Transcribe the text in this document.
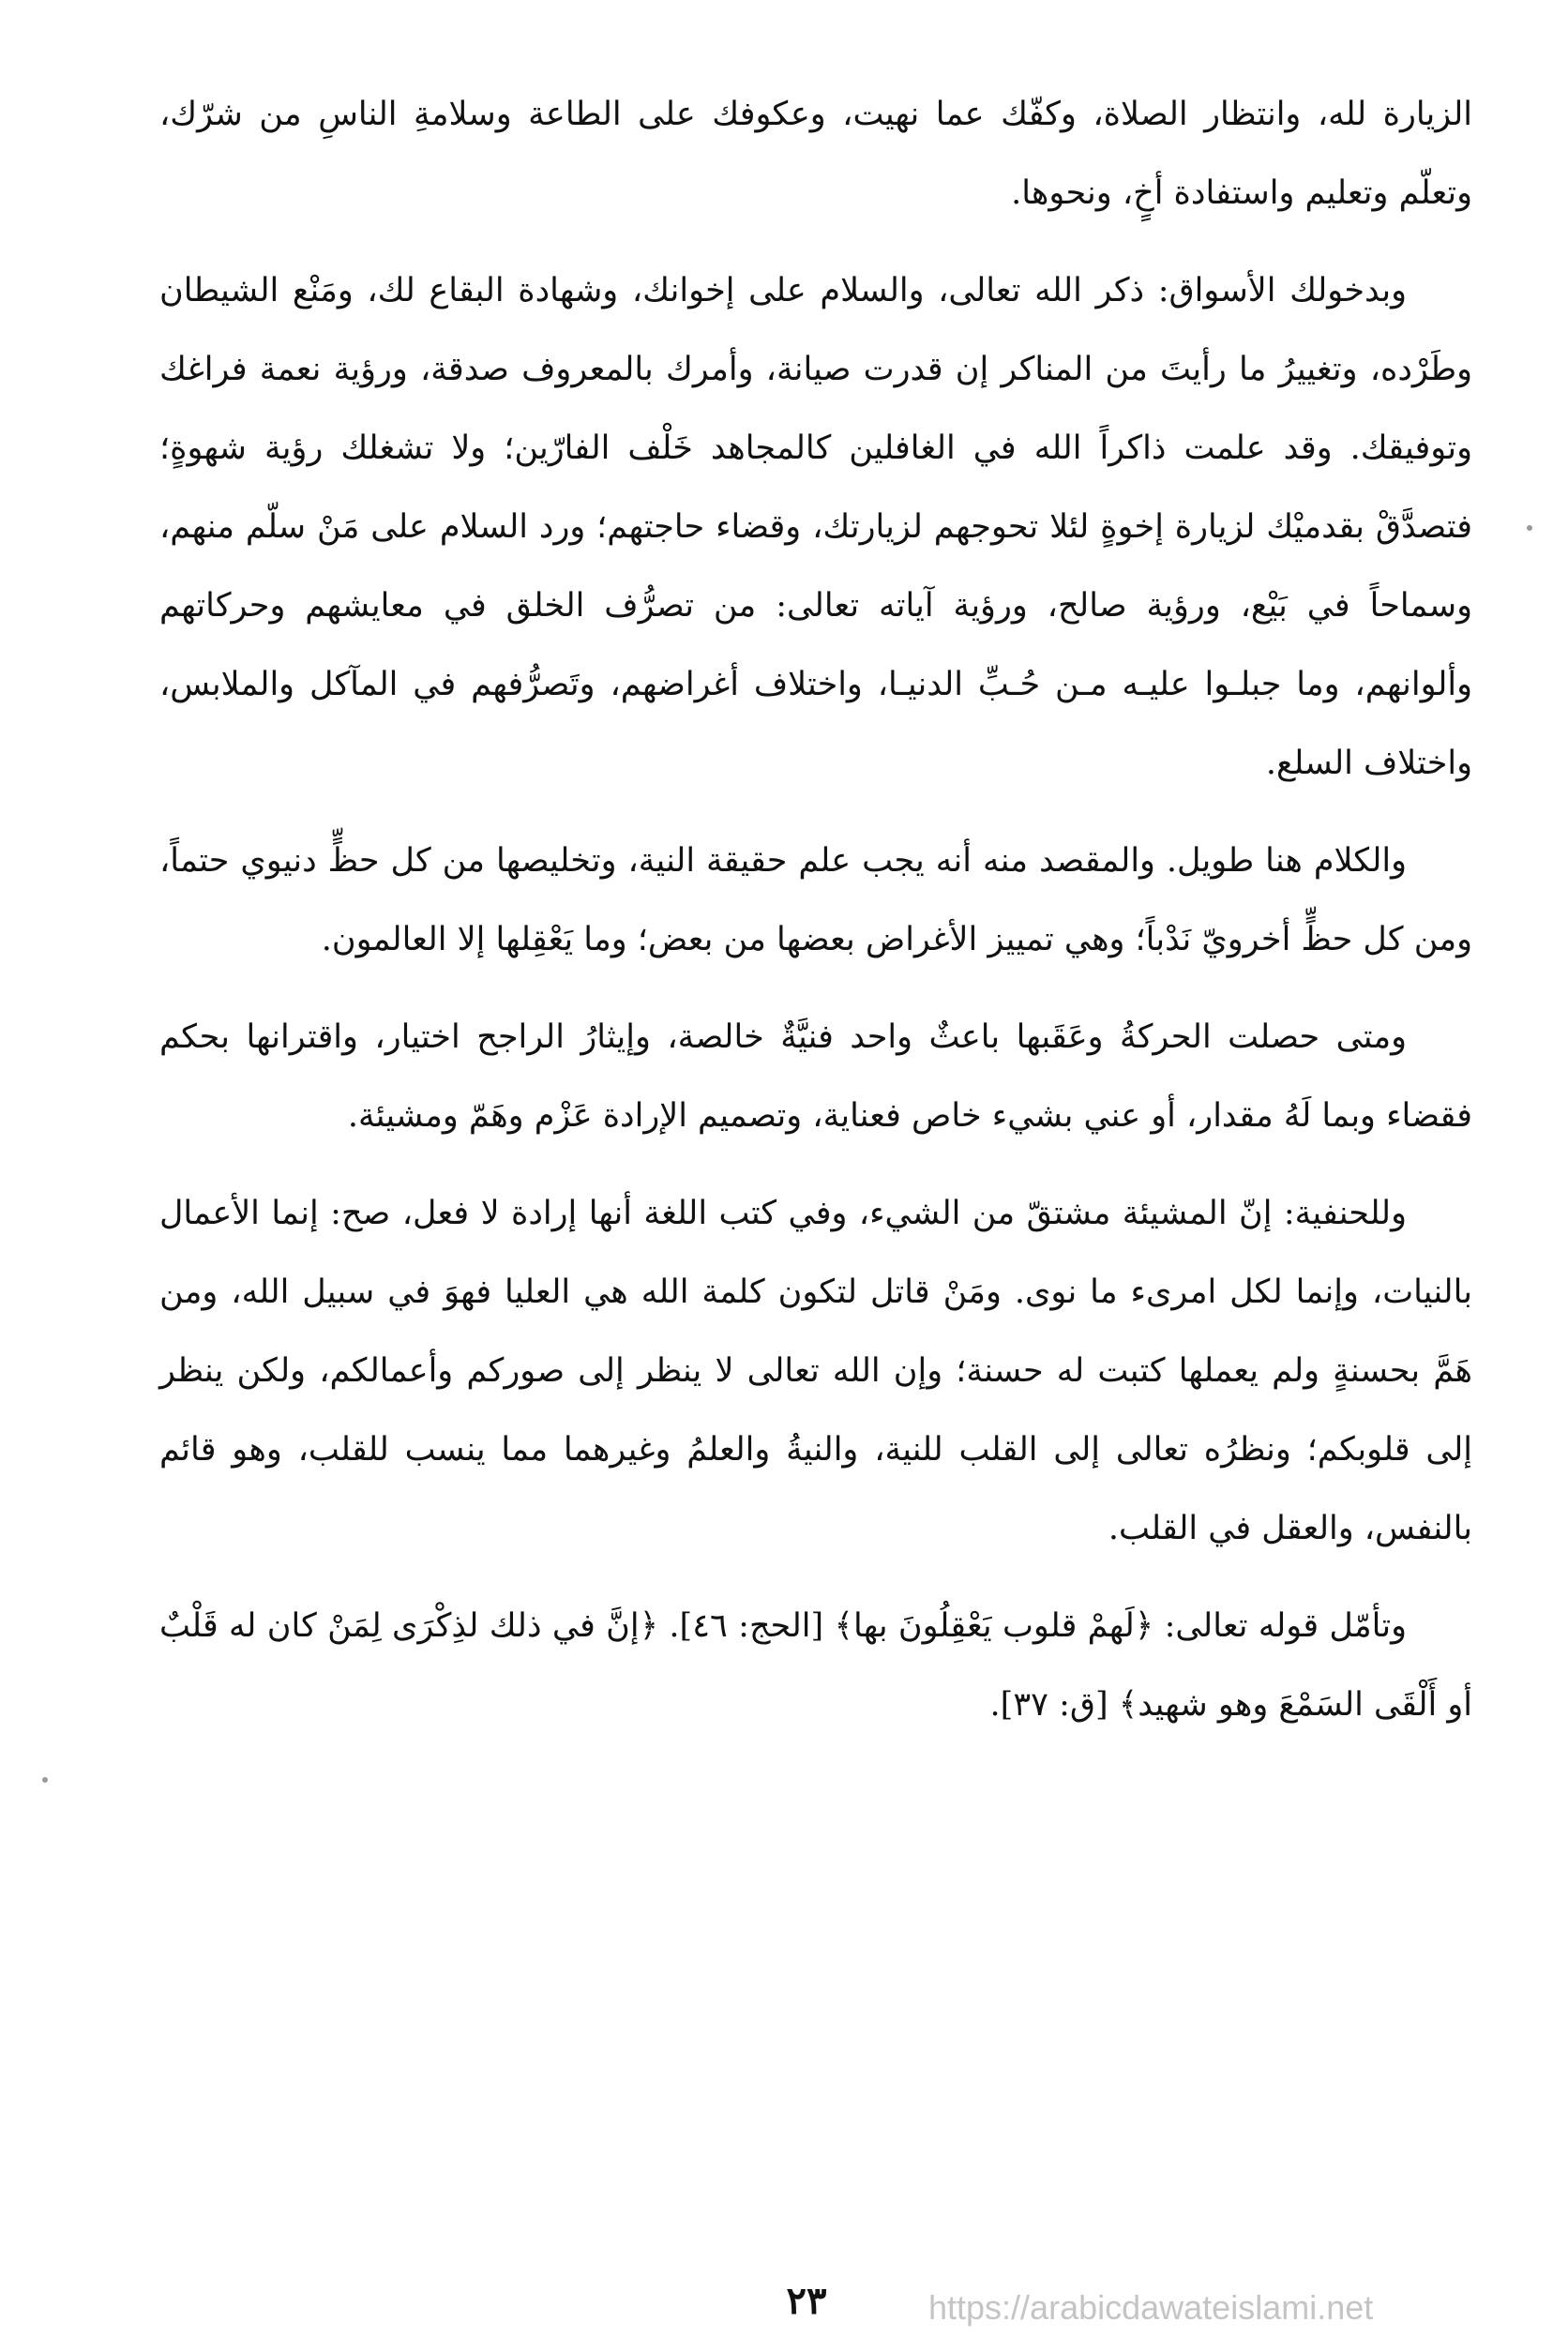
الزيارة لله، وانتظار الصلاة، وكفّك عما نهيت، وعكوفك على الطاعة وسلامةِ الناسِ من شرّك، وتعلّم وتعليم واستفادة أخٍ، ونحوها.

وبدخولك الأسواق: ذكر الله تعالى، والسلام على إخوانك، وشهادة البقاع لك، ومَنْع الشيطان وطَرْده، وتغييرُ ما رأيتَ من المناكر إن قدرت صيانة، وأمرك بالمعروف صدقة، ورؤية نعمة فراغك وتوفيقك. وقد علمت ذاكراً الله في الغافلين كالمجاهد خَلْف الفارّين؛ ولا تشغلك رؤية شهوةٍ؛ فتصدَّقْ بقدميْك لزيارة إخوةٍ لئلا تحوجهم لزيارتك، وقضاء حاجتهم؛ ورد السلام على مَنْ سلّم منهم، وسماحاً في بَيْع، ورؤية صالح، ورؤية آياته تعالى: من تصرُّف الخلق في معايشهم وحركاتهم وألوانهم، وما جبلـوا عليـه مـن حُـبِّ الدنيـا، واختلاف أغراضهم، وتَصرُّفهم في المآكل والملابس، واختلاف السلع.

والكلام هنا طويل. والمقصد منه أنه يجب علم حقيقة النية، وتخليصها من كل حظٍّ دنيوي حتماً، ومن كل حظٍّ أخرويّ نَدْباً؛ وهي تمييز الأغراض بعضها من بعض؛ وما يَعْقِلها إلا العالمون.

ومتى حصلت الحركةُ وعَقَبها باعثٌ واحد فنيَّةٌ خالصة، وإيثارُ الراجح اختيار، واقترانها بحكم فقضاء وبما لَهُ مقدار، أو عني بشيء خاص فعناية، وتصميم الإرادة عَزْم وهَمّ ومشيئة.

وللحنفية: إنّ المشيئة مشتقّ من الشيء، وفي كتب اللغة أنها إرادة لا فعل، صح: إنما الأعمال بالنيات، وإنما لكل امرىء ما نوى. ومَنْ قاتل لتكون كلمة الله هي العليا فهوَ في سبيل الله، ومن هَمَّ بحسنةٍ ولم يعملها كتبت له حسنة؛ وإن الله تعالى لا ينظر إلى صوركم وأعمالكم، ولكن ينظر إلى قلوبكم؛ ونظرُه تعالى إلى القلب للنية، والنيةُ والعلمُ وغيرهما مما ينسب للقلب، وهو قائم بالنفس، والعقل في القلب.

وتأمّل قوله تعالى: ﴿لَهمْ قلوب يَعْقِلُونَ بها﴾ [الحج: ٤٦]. ﴿إنَّ في ذلك لذِكْرَى لِمَنْ كان له قَلْبٌ أو أَلْقَى السَمْعَ وهو شهيد﴾ [ق: ٣٧].

٢٣	https://arabicdawateislami.net
